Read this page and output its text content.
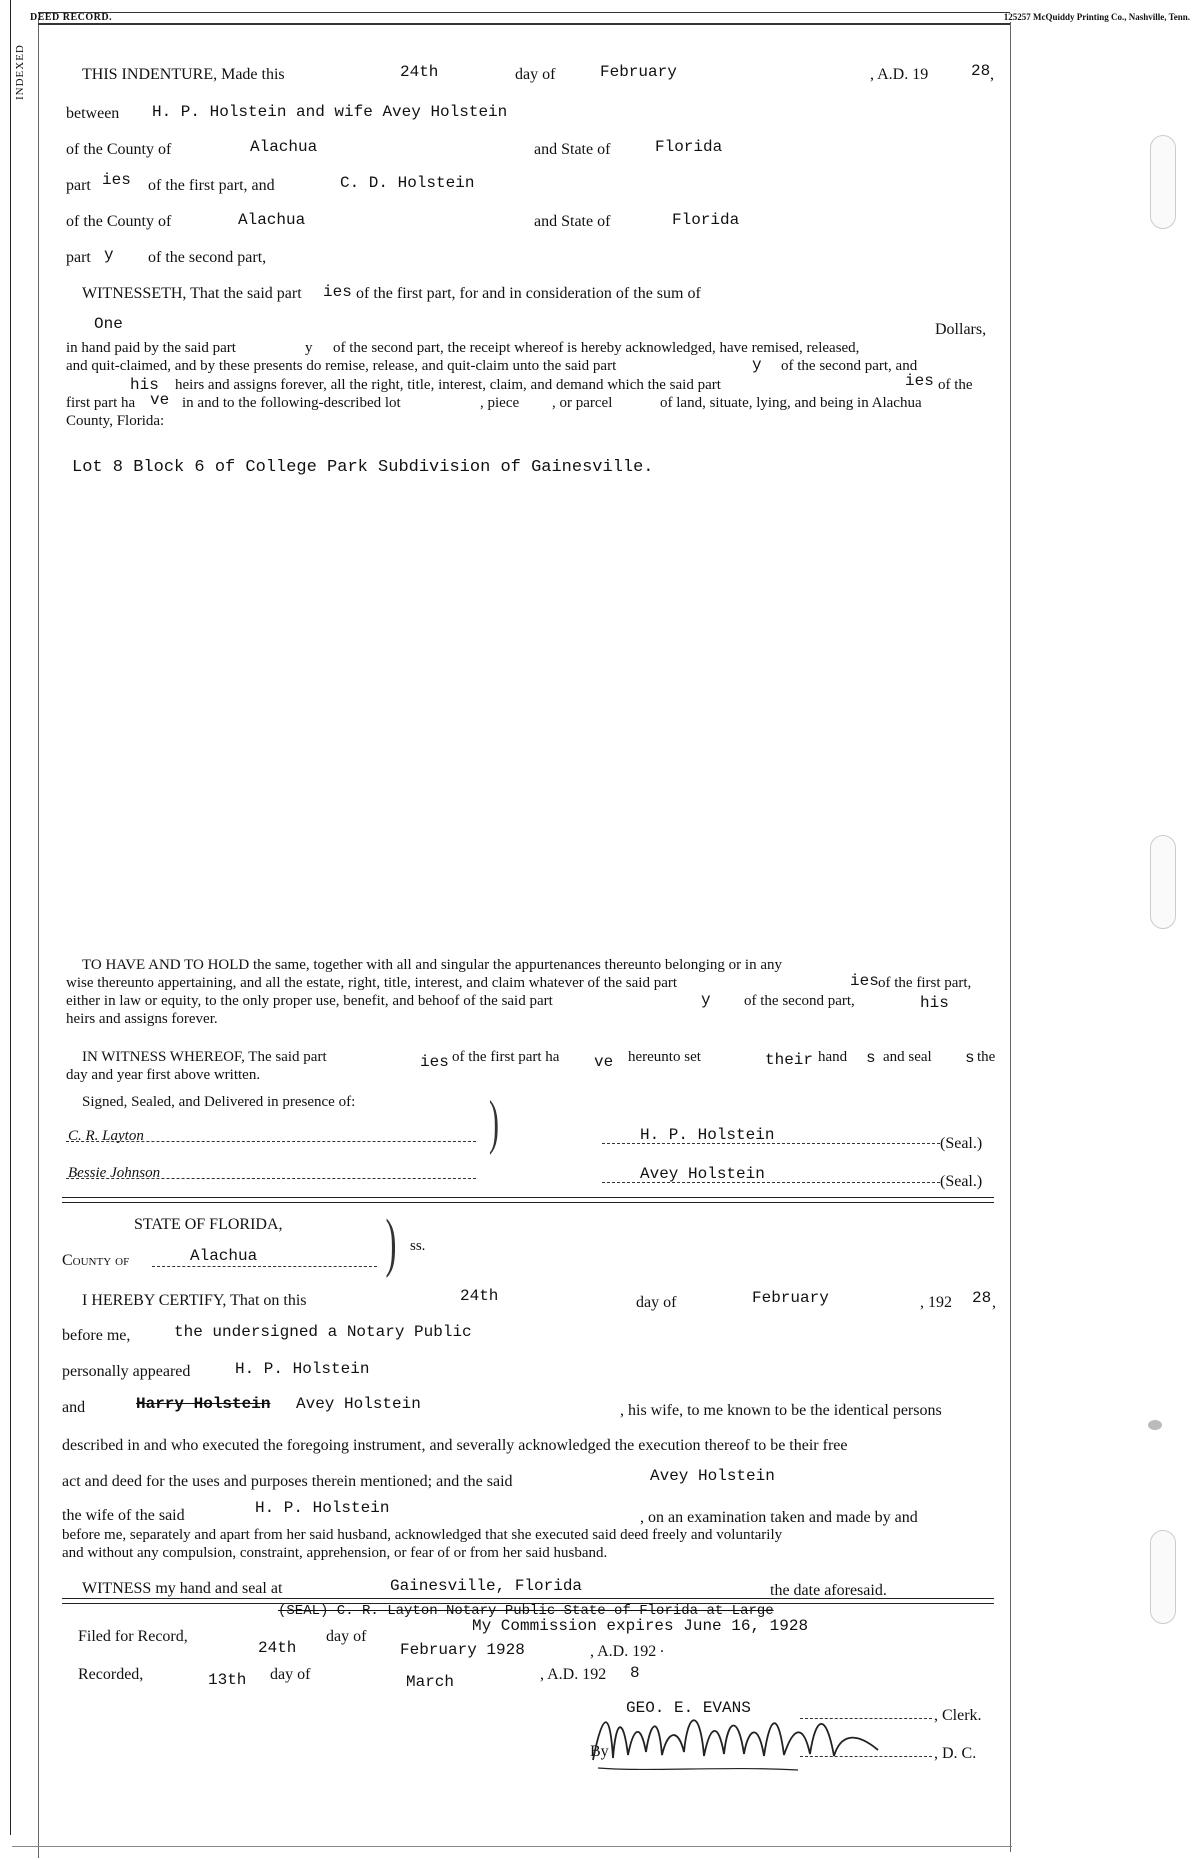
DEED RECORD.	125257 McQuiddy Printing Co., Nashville, Tenn.
INDEXED	THIS INDENTURE, Made this	24th	day of	February	, A.D. 19	28 ,
between H. P. Holstein and wife Avey Holstein
of the County of	Alachua	and State of	Florida
part ies of the first part, and	C. D. Holstein
of the County of	Alachua	and State of	Florida
part y of the second part,
WITNESSETH, That the said part ies of the first part, for and in consideration of the sum of
One	Dollars,
in hand paid by the said part	y of the second part, the receipt whereof is hereby acknowledged, have remised, released,
and quit-claimed, and by these presents do remise, release, and quit-claim unto the said part	y of the second part, and
his heirs and assigns forever, all the right, title, interest, claim, and demand which the said part	ies of the
first part ha ve in and to the following-described lot	, piece , or parcel	of land, situate, lying, and being in Alachua
County, Florida:
Lot 8 Block 6 of College Park Subdivision of Gainesville.
TO HAVE AND TO HOLD the same, together with all and singular the appurtenances thereunto belonging or in any
wise thereunto appertaining, and all the estate, right, title, interest, and claim whatever of the said part	ies of the first part,
either in law or equity, to the only proper use, benefit, and behoof of the said part	y of the second part,	his
heirs and assigns forever.
IN WITNESS WHEREOF, The said part	ies of the first part ha ve hereunto set	their hand s and seal s the
day and year first above written.
Signed, Sealed, and Delivered in presence of: )
C. R. Layton
Bessie Johnson
H. P. Holstein	(Seal.)
Avey Holstein	(Seal.)
STATE OF FLORIDA,
County of	Alachua ) ss.
I HEREBY CERTIFY, That on this	24th	day of	February	, 192 28 ,
before me,	the undersigned a Notary Public
personally appeared	H. P. Holstein
and	Harry Holstein Avey Holstein	, his wife, to me known to be the identical persons
described in and who executed the foregoing instrument, and severally acknowledged the execution thereof to be their free
act and deed for the uses and purposes therein mentioned; and the said	Avey Holstein
the wife of the said	H. P. Holstein
, on an examination taken and made by and
before me, separately and apart from her said husband, acknowledged that she executed said deed freely and voluntarily
and without any compulsion, constraint, apprehension, or fear of or from her said husband.
WITNESS my hand and seal at	Gainesville, Florida	the date aforesaid.
(SEAL) C. R. Layton Notary Public State of Florida at Large
My Commission expires June 16, 1928
Filed for Record,
24th
day of
February 1928	, A.D. 192 .
Recorded,	13th day of	March	, A.D. 192 8
GEO. E. EVANS	, Clerk.
By	, D. C.
